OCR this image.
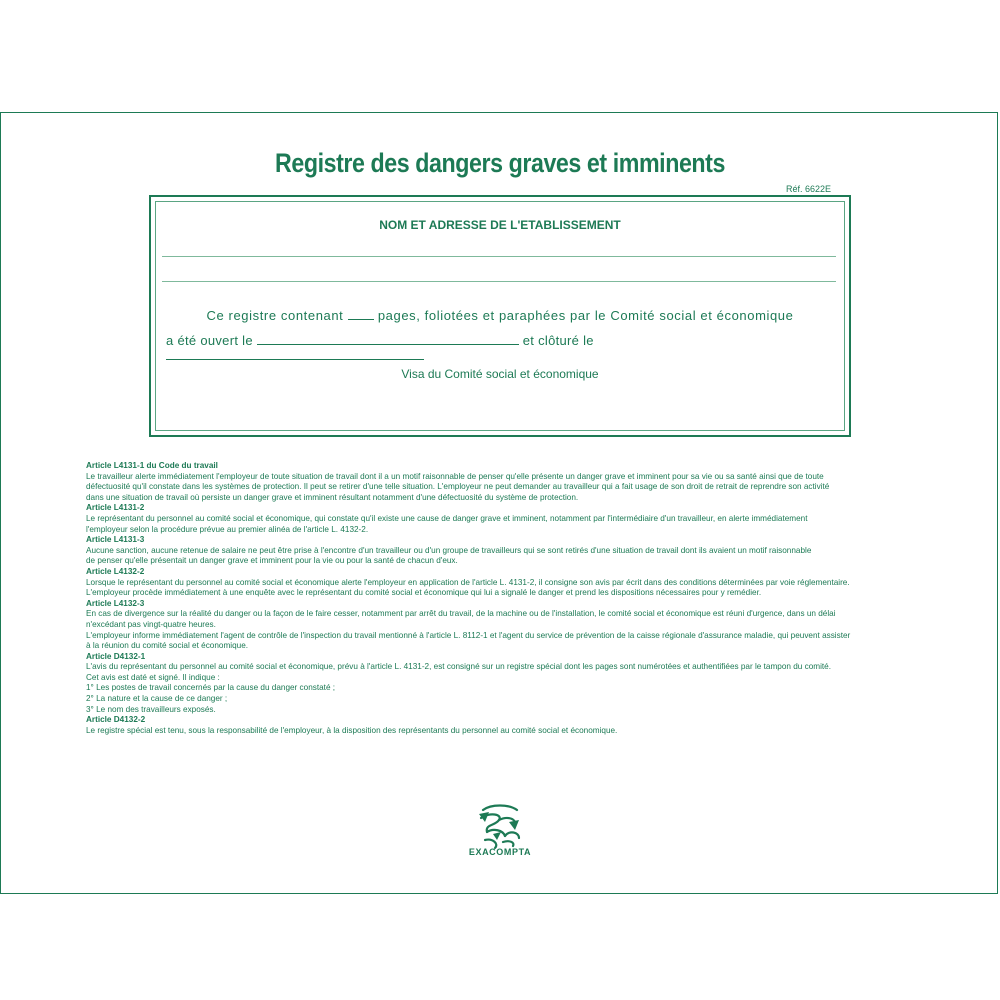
Registre des dangers graves et imminents
Réf. 6622E
NOM ET ADRESSE DE L'ETABLISSEMENT
Ce registre contenant	pages, foliotées et paraphées par le Comité social et économique
a été ouvert le	et clôturé le
Visa du Comité social et économique
Article L4131-1 du Code du travail
Le travailleur alerte immédiatement l'employeur de toute situation de travail dont il a un motif raisonnable de penser qu'elle présente un danger grave et imminent pour sa vie ou sa santé ainsi que de toute
défectuosité qu'il constate dans les systèmes de protection. Il peut se retirer d'une telle situation. L'employeur ne peut demander au travailleur qui a fait usage de son droit de retrait de reprendre son activité
dans une situation de travail où persiste un danger grave et imminent résultant notamment d'une défectuosité du système de protection.
Article L4131-2
Le représentant du personnel au comité social et économique, qui constate qu'il existe une cause de danger grave et imminent, notamment par l'intermédiaire d'un travailleur, en alerte immédiatement
l'employeur selon la procédure prévue au premier alinéa de l'article L. 4132-2.
Article L4131-3
Aucune sanction, aucune retenue de salaire ne peut être prise à l'encontre d'un travailleur ou d'un groupe de travailleurs qui se sont retirés d'une situation de travail dont ils avaient un motif raisonnable
de penser qu'elle présentait un danger grave et imminent pour la vie ou pour la santé de chacun d'eux.
Article L4132-2
Lorsque le représentant du personnel au comité social et économique alerte l'employeur en application de l'article L. 4131-2, il consigne son avis par écrit dans des conditions déterminées par voie réglementaire.
L'employeur procède immédiatement à une enquête avec le représentant du comité social et économique qui lui a signalé le danger et prend les dispositions nécessaires pour y remédier.
Article L4132-3
En cas de divergence sur la réalité du danger ou la façon de le faire cesser, notamment par arrêt du travail, de la machine ou de l'installation, le comité social et économique est réuni d'urgence, dans un délai
n'excédant pas vingt-quatre heures.
L'employeur informe immédiatement l'agent de contrôle de l'inspection du travail mentionné à l'article L. 8112-1 et l'agent du service de prévention de la caisse régionale d'assurance maladie, qui peuvent assister
à la réunion du comité social et économique.
Article D4132-1
L'avis du représentant du personnel au comité social et économique, prévu à l'article L. 4131-2, est consigné sur un registre spécial dont les pages sont numérotées et authentifiées par le tampon du comité.
Cet avis est daté et signé. Il indique :
1° Les postes de travail concernés par la cause du danger constaté ;
2° La nature et la cause de ce danger ;
3° Le nom des travailleurs exposés.
Article D4132-2
Le registre spécial est tenu, sous la responsabilité de l'employeur, à la disposition des représentants du personnel au comité social et économique.
EXACOMPTA
